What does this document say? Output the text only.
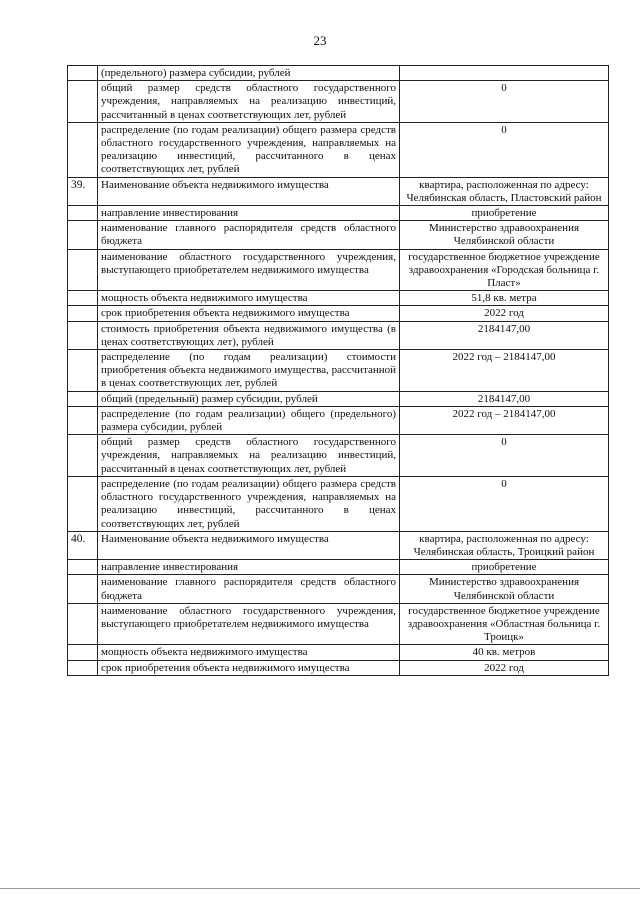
23
	(предельного) размера субсидии, рублей	
	общий размер средств областного государственного учреждения, направляемых на реализацию инвестиций, рассчитанный в ценах соответствующих лет, рублей	0
	распределение (по годам реализации) общего размера средств областного государственного учреждения, направляемых на реализацию инвестиций, рассчитанного в ценах соответствующих лет, рублей	0
39.	Наименование объекта недвижимого имущества	квартира, расположенная по адресу: Челябинская область, Пластовский район
	направление инвестирования	приобретение
	наименование главного распорядителя средств областного бюджета	Министерство здравоохранения Челябинской области
	наименование областного государственного учреждения, выступающего приобретателем недвижимого имущества	государственное бюджетное учреждение здравоохранения «Городская больница г. Пласт»
	мощность объекта недвижимого имущества	51,8 кв. метра
	срок приобретения объекта недвижимого имущества	2022 год
	стоимость приобретения объекта недвижимого имущества (в ценах соответствующих лет), рублей	2184147,00
	распределение (по годам реализации) стоимости приобретения объекта недвижимого имущества, рассчитанной в ценах соответствующих лет, рублей	2022 год – 2184147,00
	общий (предельный) размер субсидии, рублей	2184147,00
	распределение (по годам реализации) общего (предельного) размера субсидии, рублей	2022 год – 2184147,00
	общий размер средств областного государственного учреждения, направляемых на реализацию инвестиций, рассчитанный в ценах соответствующих лет, рублей	0
	распределение (по годам реализации) общего размера средств областного государственного учреждения, направляемых на реализацию инвестиций, рассчитанного в ценах соответствующих лет, рублей	0
40.	Наименование объекта недвижимого имущества	квартира, расположенная по адресу: Челябинская область, Троицкий район
	направление инвестирования	приобретение
	наименование главного распорядителя средств областного бюджета	Министерство здравоохранения Челябинской области
	наименование областного государственного учреждения, выступающего приобретателем недвижимого имущества	государственное бюджетное учреждение здравоохранения «Областная больница г. Троицк»
	мощность объекта недвижимого имущества	40 кв. метров
	срок приобретения объекта недвижимого имущества	2022 год
